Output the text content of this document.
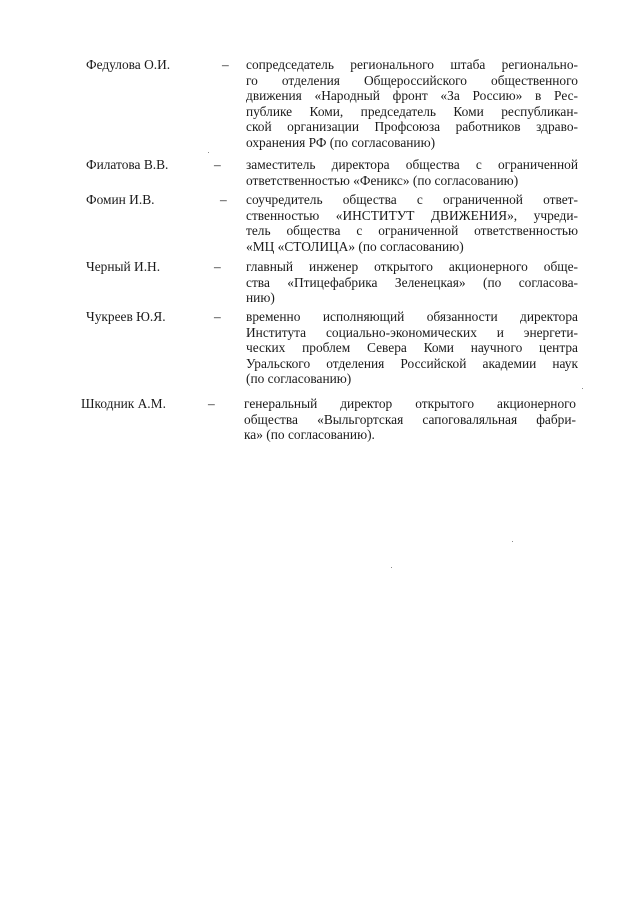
Федулова О.И.	– сопредседатель регионального штаба регионально-
го отделения Общероссийского общественного
движения «Народный фронт «За Россию» в Рес-
публике Коми, председатель Коми республикан-
ской организации Профсоюза работников здраво-
охранения РФ (по согласованию)
Филатова В.В.	– заместитель директора общества с ограниченной
ответственностью «Феникс» (по согласованию)
Фомин И.В.	– соучредитель общества с ограниченной ответ-
ственностью «ИНСТИТУТ ДВИЖЕНИЯ», учреди-
тель общества с ограниченной ответственностью
«МЦ «СТОЛИЦА» (по согласованию)
Черный И.Н.	– главный инженер открытого акционерного обще-
ства «Птицефабрика Зеленецкая» (по согласова-
нию)
Чукреев Ю.Я.	– временно исполняющий обязанности директора
Института социально-экономических и энергети-
ческих проблем Севера Коми научного центра
Уральского отделения Российской академии наук
(по согласованию)
Шкодник А.М.	– генеральный директор открытого акционерного
общества «Выльгортская сапоговаляльная фабри-
ка» (по согласованию).
